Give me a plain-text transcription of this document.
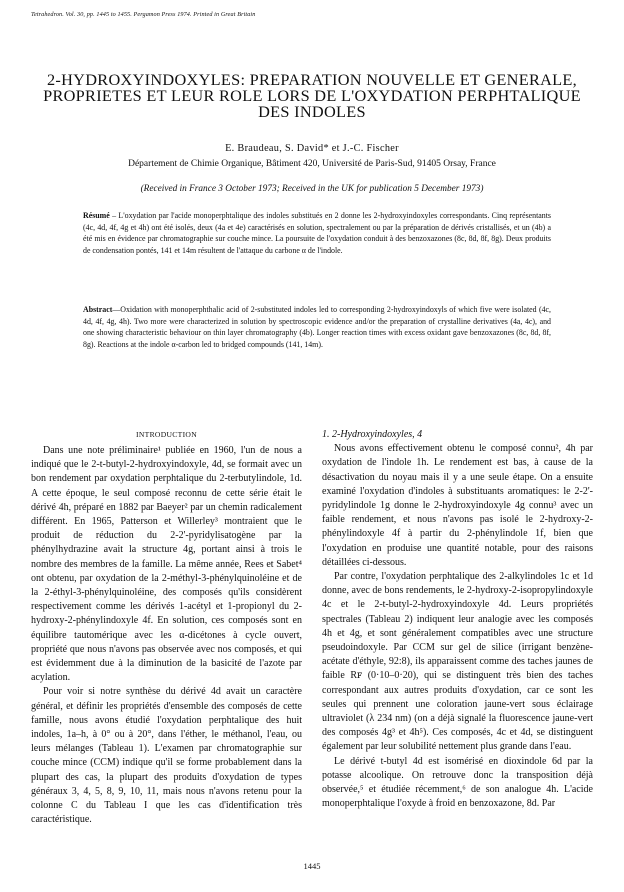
Tetrahedron. Vol. 30, pp. 1445 to 1455. Pergamon Press 1974. Printed in Great Britain
2-HYDROXYINDOXYLES: PREPARATION NOUVELLE ET GENERALE, PROPRIETES ET LEUR ROLE LORS DE L'OXYDATION PERPHTALIQUE DES INDOLES
E. Braudeau, S. David* et J.-C. Fischer
Département de Chimie Organique, Bâtiment 420, Université de Paris-Sud, 91405 Orsay, France
(Received in France 3 October 1973; Received in the UK for publication 5 December 1973)
Résumé – L'oxydation par l'acide monoperphtalique des indoles substitués en 2 donne les 2-hydroxyindoxyles correspondants. Cinq représentants (4c, 4d, 4f, 4g et 4h) ont été isolés, deux (4a et 4e) caractérisés en solution, spectralement ou par la préparation de dérivés cristallisés, et un (4b) a été mis en évidence par chromatographie sur couche mince. La poursuite de l'oxydation conduit à des benzoxazones (8c, 8d, 8f, 8g). Deux produits de condensation pontés, 141 et 14m résultent de l'attaque du carbone α de l'indole.
Abstract—Oxidation with monoperphthalic acid of 2-substituted indoles led to corresponding 2-hydroxyindoxyls of which five were isolated (4c, 4d, 4f, 4g, 4h). Two more were characterized in solution by spectroscopic evidence and/or the preparation of crystalline derivatives (4a, 4c), and one showing characteristic behaviour on thin layer chromatography (4b). Longer reaction times with excess oxidant gave benzoxazones (8c, 8d, 8f, 8g). Reactions at the indole α-carbon led to bridged compounds (141, 14m).
INTRODUCTION

Dans une note préliminaire¹ publiée en 1960, l'un de nous a indiqué que le 2-t-butyl-2-hydroxyindoxyle, 4d, se formait avec un bon rendement par oxydation perphtalique du 2-terbutylindole, 1d. A cette époque, le seul composé reconnu de cette série était le dérivé 4h, préparé en 1882 par Baeyer² par un chemin radicalement différent. En 1965, Patterson et Willerley³ montraient que le produit de réduction du 2-2'-pyridylisatogène par la phénylhydrazine avait la structure 4g, portant ainsi à trois le nombre des membres de la famille. La même année, Rees et Sabet⁴ ont obtenu, par oxydation de la 2-méthyl-3-phénylquinoléine et de la 2-éthyl-3-phénylquinoléine, des composés qu'ils considèrent respectivement comme les dérivés 1-acétyl et 1-propionyl du 2-hydroxy-2-phénylindoxyle 4f. En solution, ces composés sont en équilibre tautomérique avec les α-dicétones à cycle ouvert, propriété que nous n'avons pas observée avec nos composés, et qui est évidemment due à la diminution de la basicité de l'azote par acylation.

Pour voir si notre synthèse du dérivé 4d avait un caractère général, et définir les propriétés d'ensemble des composés de cette famille, nous avons étudié l'oxydation perphtalique des huit indoles, 1a–h, à 0° ou à 20°, dans l'éther, le méthanol, l'eau, ou leurs mélanges (Tableau 1). L'examen par chromatographie sur couche mince (CCM) indique qu'il se forme probablement dans la plupart des cas, la plupart des produits d'oxydation de types généraux 3, 4, 5, 8, 9, 10, 11, mais nous n'avons retenu pour la colonne C du Tableau I que les cas d'identification très caractéristique.

1. 2-Hydroxyindoxyles, 4

Nous avons effectivement obtenu le composé connu², 4h par oxydation de l'indole 1h. Le rendement est bas, à cause de la désactivation du noyau mais il y a une seule étape. On a ensuite examiné l'oxydation d'indoles à substituants aromatiques: le 2-2'-pyridylindole 1g donne le 2-hydroxyindoxyle 4g connu³ avec un faible rendement, et nous n'avons pas isolé le 2-hydroxy-2-phénylindoxyle 4f à partir du 2-phénylindole 1f, bien que l'oxydation en produise une quantité notable, pour des raisons détaillées ci-dessous.

Par contre, l'oxydation perphtalique des 2-alkylindoles 1c et 1d donne, avec de bons rendements, le 2-hydroxy-2-isopropylindoxyle 4c et le 2-t-butyl-2-hydroxyindoxyle 4d. Leurs propriétés spectrales (Tableau 2) indiquent leur analogie avec les composés 4h et 4g, et sont généralement compatibles avec une structure pseudoindoxyle. Par CCM sur gel de silice (irrigant benzène-acétate d'éthyle, 92:8), ils apparaissent comme des taches jaunes de faible Rꜰ (0·10–0·20), qui se distinguent très bien des taches correspondant aux autres produits d'oxydation, car ce sont les seules qui prennent une coloration jaune-vert sous éclairage ultraviolet (λ 234 nm) (on a déjà signalé la fluorescence jaune-vert des composés 4g³ et 4h⁵). Ces composés, 4c et 4d, se distinguent également par leur solubilité nettement plus grande dans l'eau.

Le dérivé t-butyl 4d est isomérisé en dioxindole 6d par la potasse alcoolique. On retrouve donc la transposition déjà observée,⁵ et étudiée récemment,⁶ de son analogue 4h. L'acide monoperphtalique l'oxyde à froid en benzoxazone, 8d. Par

1445
